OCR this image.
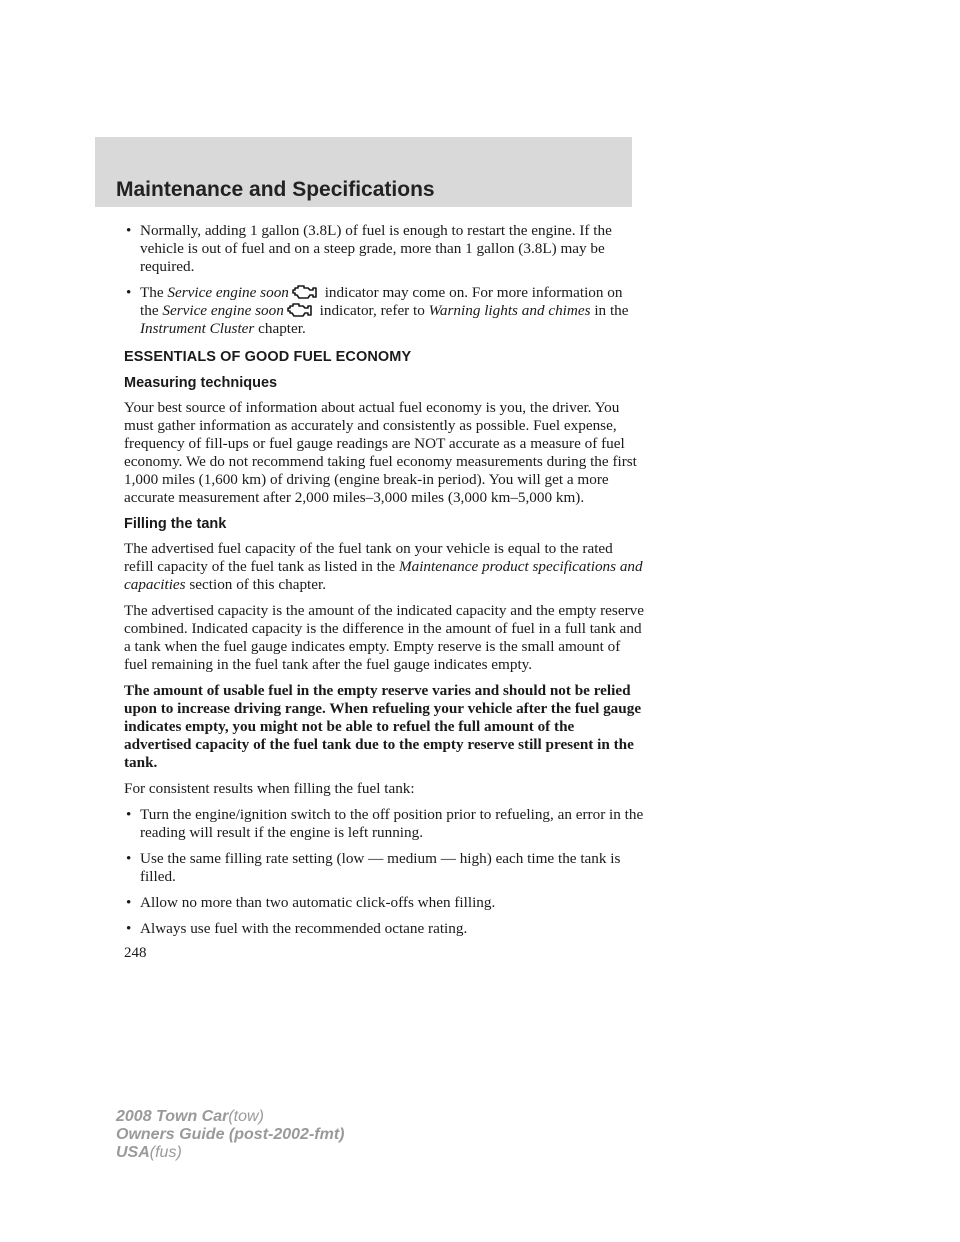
Maintenance and Specifications
• Normally, adding 1 gallon (3.8L) of fuel is enough to restart the engine. If the vehicle is out of fuel and on a steep grade, more than 1 gallon (3.8L) may be required.
• The Service engine soon indicator may come on. For more information on the Service engine soon indicator, refer to Warning lights and chimes in the Instrument Cluster chapter.
ESSENTIALS OF GOOD FUEL ECONOMY
Measuring techniques

Your best source of information about actual fuel economy is you, the driver. You must gather information as accurately and consistently as possible. Fuel expense, frequency of fill-ups or fuel gauge readings are NOT accurate as a measure of fuel economy. We do not recommend taking fuel economy measurements during the first 1,000 miles (1,600 km) of driving (engine break-in period). You will get a more accurate measurement after 2,000 miles–3,000 miles (3,000 km–5,000 km).

Filling the tank

The advertised fuel capacity of the fuel tank on your vehicle is equal to the rated refill capacity of the fuel tank as listed in the Maintenance product specifications and capacities section of this chapter.

The advertised capacity is the amount of the indicated capacity and the empty reserve combined. Indicated capacity is the difference in the amount of fuel in a full tank and a tank when the fuel gauge indicates empty. Empty reserve is the small amount of fuel remaining in the fuel tank after the fuel gauge indicates empty.

The amount of usable fuel in the empty reserve varies and should not be relied upon to increase driving range. When refueling your vehicle after the fuel gauge indicates empty, you might not be able to refuel the full amount of the advertised capacity of the fuel tank due to the empty reserve still present in the tank.

For consistent results when filling the fuel tank:

• Turn the engine/ignition switch to the off position prior to refueling, an error in the reading will result if the engine is left running.
• Use the same filling rate setting (low — medium — high) each time the tank is filled.
• Allow no more than two automatic click-offs when filling.
• Always use fuel with the recommended octane rating.
248
2008 Town Car(tow)
Owners Guide (post-2002-fmt)
USA(fus)
